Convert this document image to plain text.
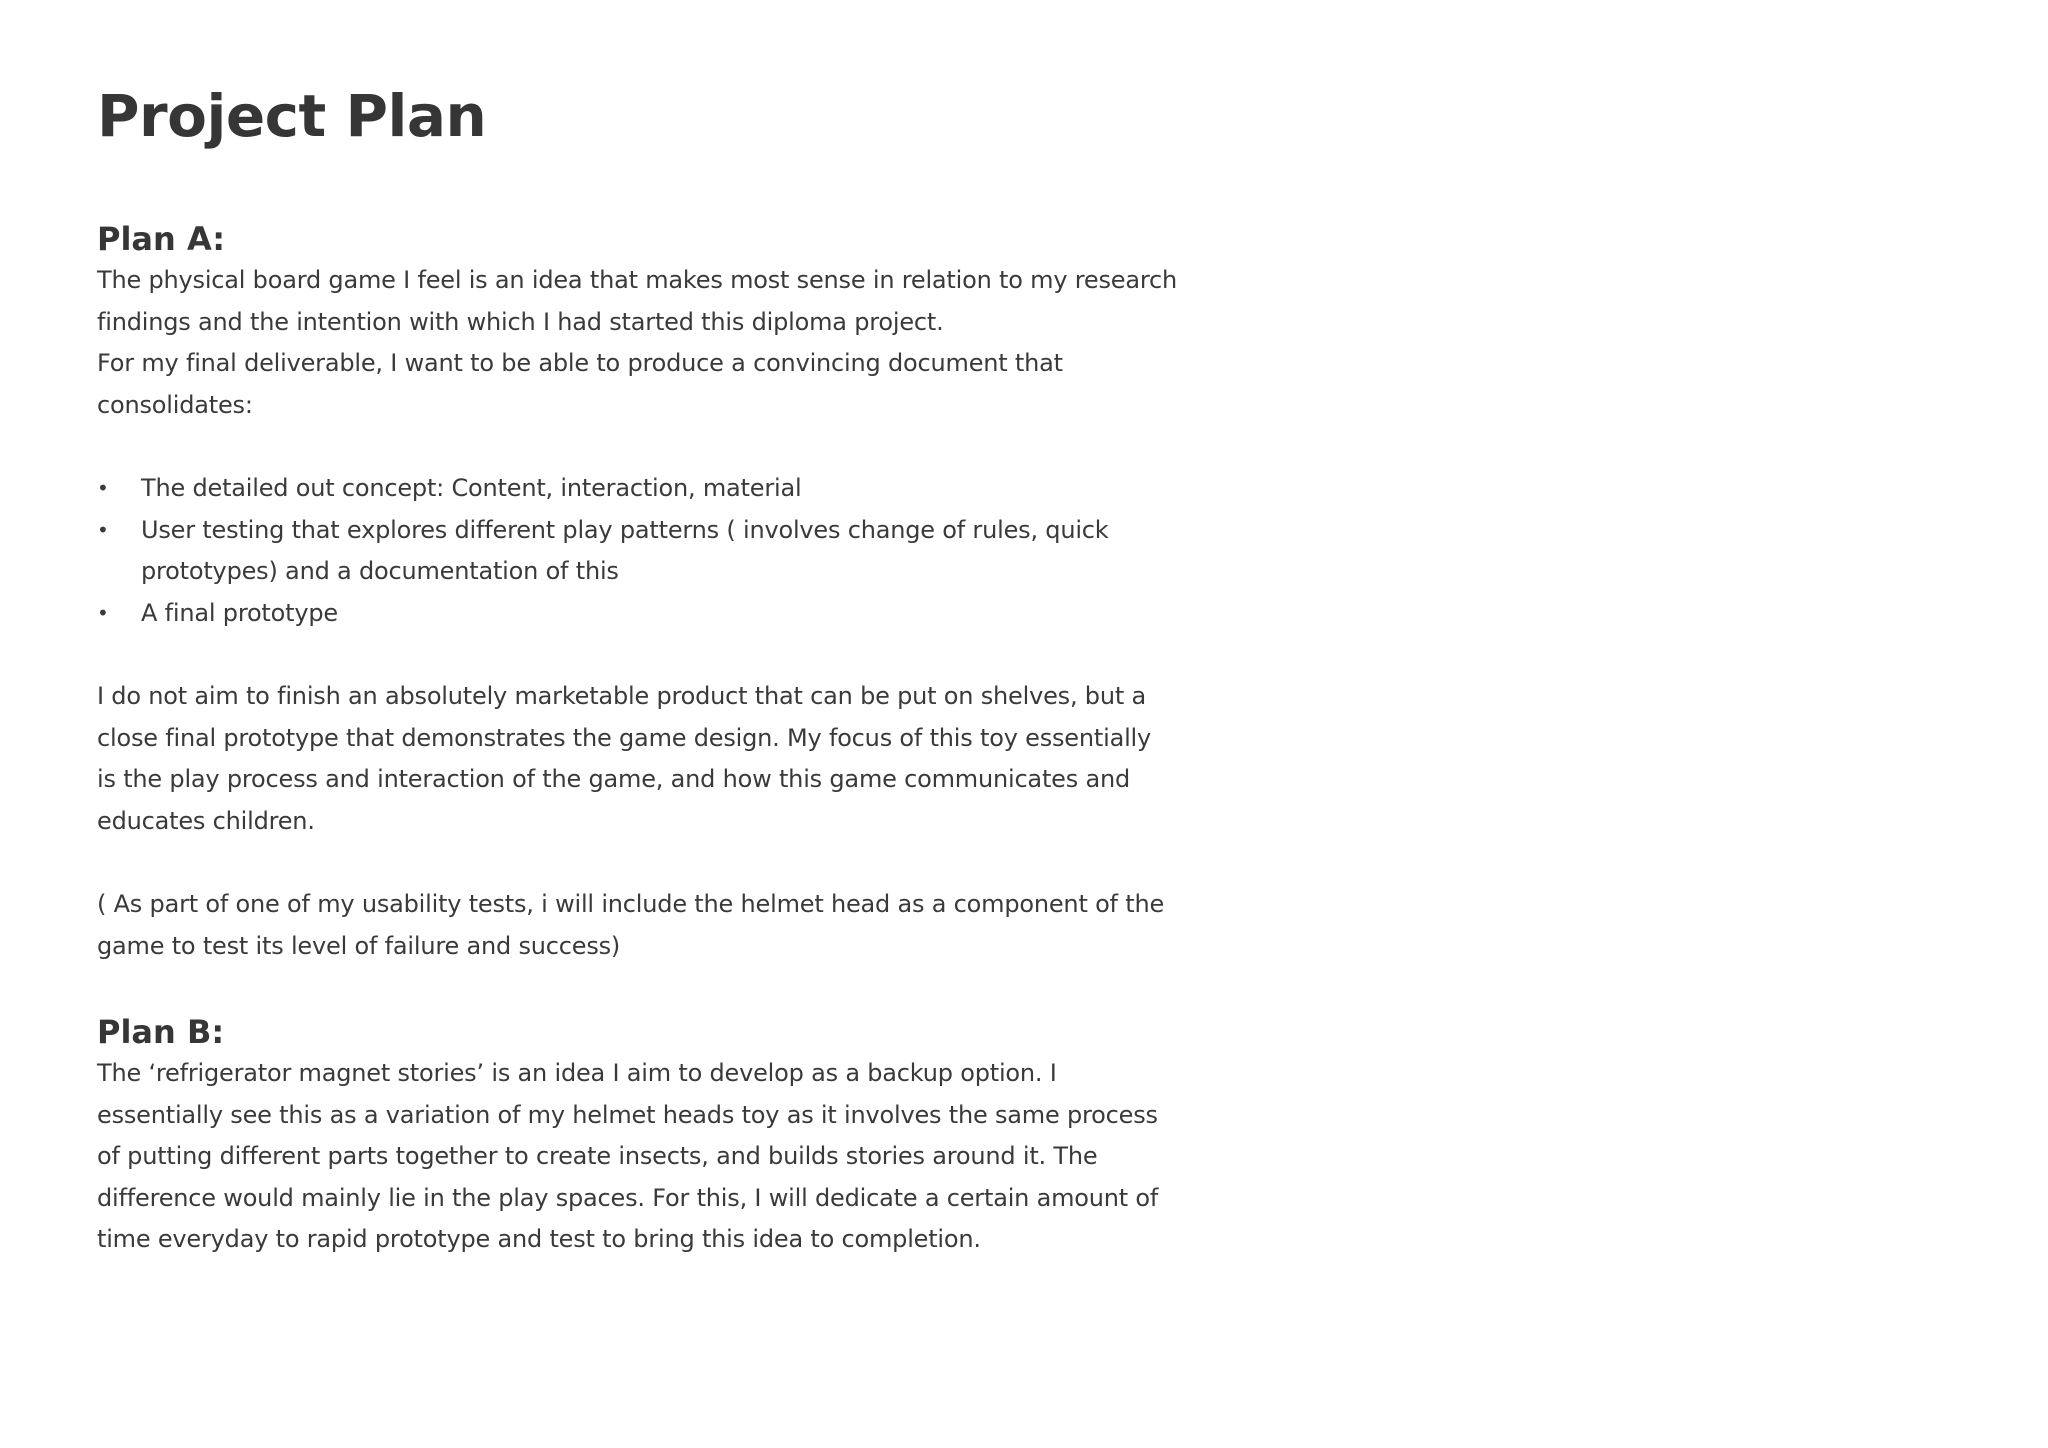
Project Plan
Plan A:

The physical board game I feel is an idea that makes most sense in relation to my research findings and the intention with which I had started this diploma project.

For my final deliverable, I want to be able to produce a convincing document that consolidates:

• The detailed out concept: Content, interaction, material
• User testing that explores different play patterns ( involves change of rules, quick prototypes) and a documentation of this
• A final prototype

I do not aim to finish an absolutely marketable product that can be put on shelves, but a close final prototype that demonstrates the game design. My focus of this toy essentially is the play process and interaction of the game, and how this game communicates and educates children.

( As part of one of my usability tests, i will include the helmet head as a component of the game to test its level of failure and success)

Plan B:

The ‘refrigerator magnet stories’ is an idea I aim to develop as a backup option. I essentially see this as a variation of my helmet heads toy as it involves the same process of putting different parts together to create insects, and builds stories around it. The difference would mainly lie in the play spaces. For this, I will dedicate a certain amount of time everyday to rapid prototype and test to bring this idea to completion.
